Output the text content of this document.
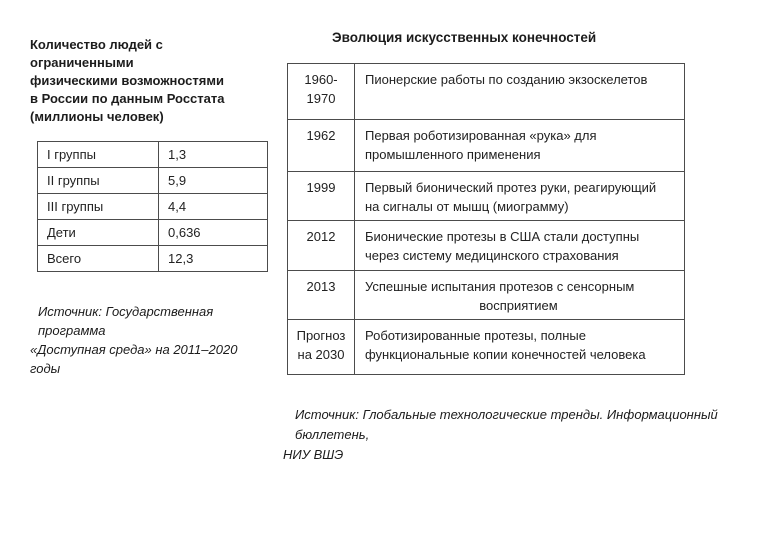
Количество людей с ограниченными
физическими возможностями
в России по данным Росстата
(миллионы человек)
I группы	1,3
II группы	5,9
III группы	4,4
Дети	0,636
Всего	12,3
Источник: Государственная программа
«Доступная среда» на 2011–2020 годы
Эволюция искусственных конечностей
1960-
1970	Пионерские работы по созданию экзоскелетов

1962	Первая роботизированная «рука» для промышленного применения

1999	Первый бионический протез руки, реагирующий на сигналы от мышц (миограмму)

2012	Бионические протезы в США стали доступны через систему медицинского страхования

2013	Успешные испытания протезов с сенсорным
восприятием

Прогноз
на 2030	Роботизированные протезы, полные функциональные копии конечностей человека
Источник: Глобальные технологические тренды. Информационный бюллетень,
НИУ ВШЭ
